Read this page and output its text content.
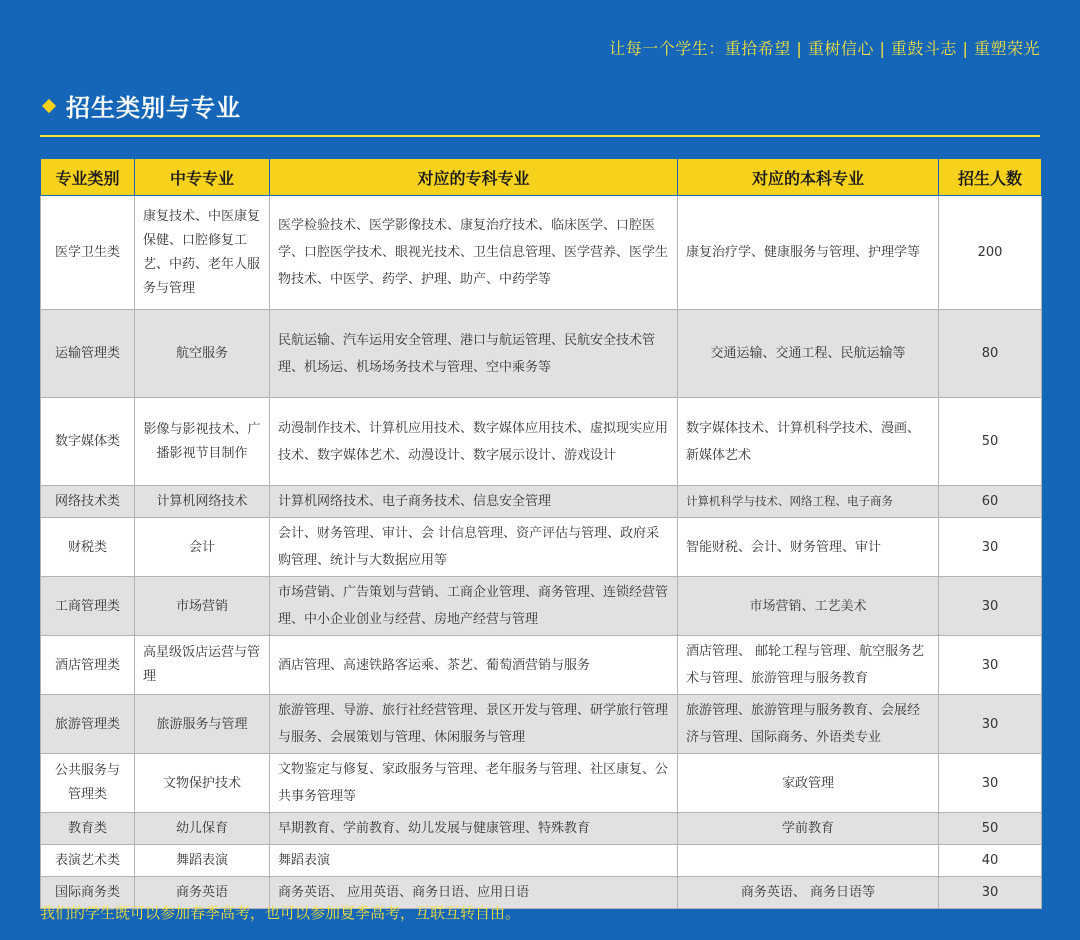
让每一个学生：重拾希望 | 重树信心 | 重鼓斗志 | 重塑荣光
招生类别与专业
专业类别	中专专业	对应的专科专业	对应的本科专业	招生人数
医学卫生类	康复技术、中医康复保健、口腔修复工艺、中药、老年人服务与管理	医学检验技术、医学影像技术、康复治疗技术、临床医学、口腔医学、口腔医学技术、眼视光技术、卫生信息管理、医学营养、医学生物技术、中医学、药学、护理、助产、中药学等	康复治疗学、健康服务与管理、护理学等	200
运输管理类	航空服务	民航运输、汽车运用安全管理、港口与航运管理、民航安全技术管理、机场运、机场场务技术与管理、空中乘务等	交通运输、交通工程、民航运输等	80
数字媒体类	影像与影视技术、广播影视节目制作	动漫制作技术、计算机应用技术、数字媒体应用技术、虚拟现实应用技术、数字媒体艺术、动漫设计、数字展示设计、游戏设计	数字媒体技术、计算机科学技术、漫画、新媒体艺术	50
网络技术类	计算机网络技术	计算机网络技术、电子商务技术、信息安全管理	计算机科学与技术、网络工程、电子商务	60
财税类	会计	会计、财务管理、审计、会 计信息管理、资产评估与管理、政府采购管理、统计与大数据应用等	智能财税、会计、财务管理、审计	30
工商管理类	市场营销	市场营销、广告策划与营销、工商企业管理、商务管理、连锁经营管理、中小企业创业与经营、房地产经营与管理	市场营销、工艺美术	30
酒店管理类	高星级饭店运营与管理	酒店管理、高速铁路客运乘、茶艺、葡萄酒营销与服务	酒店管理、 邮轮工程与管理、航空服务艺术与管理、旅游管理与服务教育	30
旅游管理类	旅游服务与管理	旅游管理、导游、旅行社经营管理、景区开发与管理、研学旅行管理与服务、会展策划与管理、休闲服务与管理	旅游管理、旅游管理与服务教育、会展经济与管理、国际商务、外语类专业	30
公共服务与管理类	文物保护技术	文物鉴定与修复、家政服务与管理、老年服务与管理、社区康复、公共事务管理等	家政管理	30
教育类	幼儿保育	早期教育、学前教育、幼儿发展与健康管理、特殊教育	学前教育	50
表演艺术类	舞蹈表演	舞蹈表演		40
国际商务类	商务英语	商务英语、 应用英语、商务日语、应用日语	商务英语、 商务日语等	30
我们的学生既可以参加春季高考，也可以参加夏季高考，互联互转自由。
